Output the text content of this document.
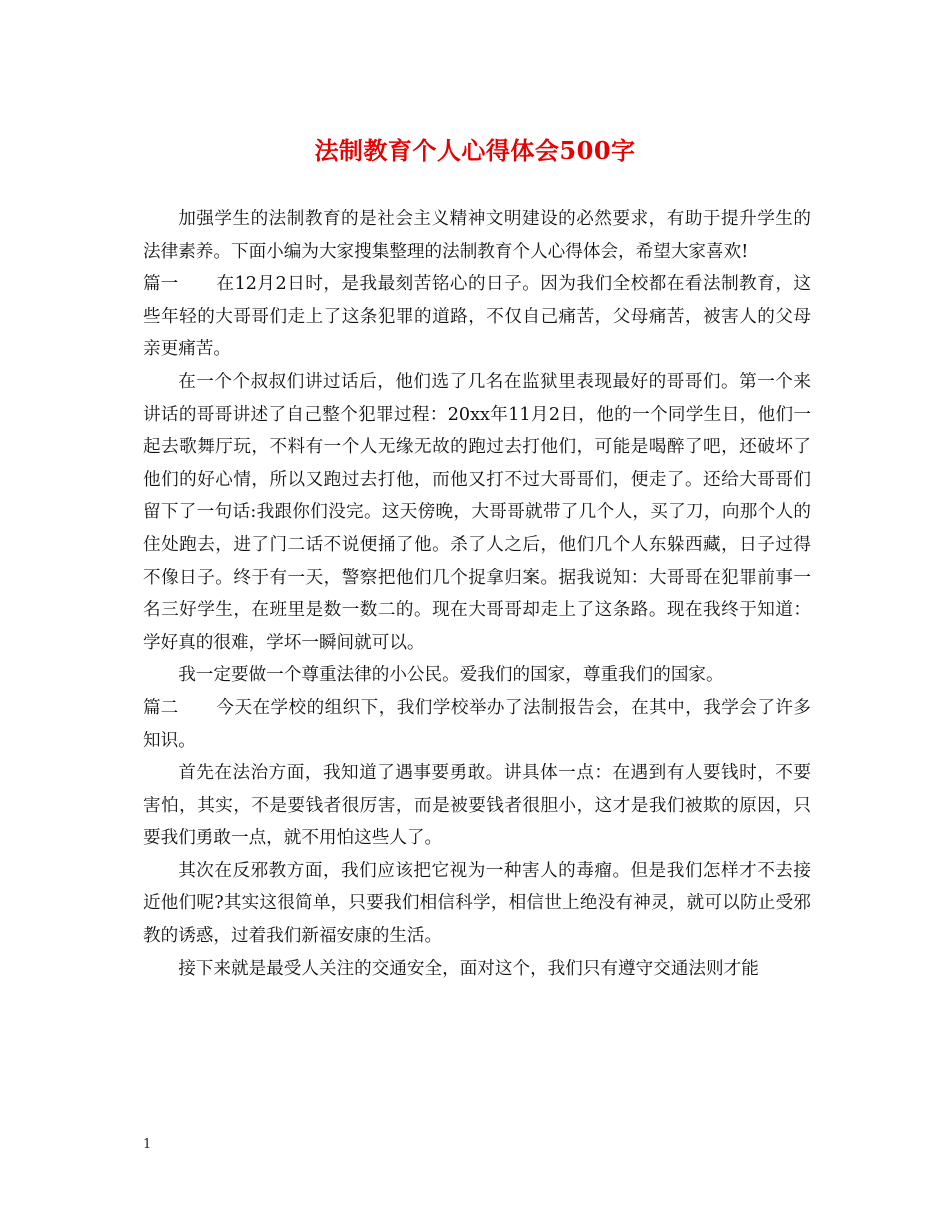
法制教育个人心得体会500字

加强学生的法制教育的是社会主义精神文明建设的必然要求，有助于提升学生的法律素养。下面小编为大家搜集整理的法制教育个人心得体会，希望大家喜欢!

篇一 在12月2日时，是我最刻苦铭心的日子。因为我们全校都在看法制教育，这些年轻的大哥哥们走上了这条犯罪的道路，不仅自己痛苦，父母痛苦，被害人的父母亲更痛苦。

在一个个叔叔们讲过话后，他们选了几名在监狱里表现最好的哥哥们。第一个来讲话的哥哥讲述了自己整个犯罪过程：20xx年11月2日，他的一个同学生日，他们一起去歌舞厅玩，不料有一个人无缘无故的跑过去打他们，可能是喝醉了吧，还破坏了他们的好心情，所以又跑过去打他，而他又打不过大哥哥们，便走了。还给大哥哥们留下了一句话:我跟你们没完。这天傍晚，大哥哥就带了几个人，买了刀，向那个人的住处跑去，进了门二话不说便捅了他。杀了人之后，他们几个人东躲西藏，日子过得不像日子。终于有一天，警察把他们几个捉拿归案。据我说知：大哥哥在犯罪前事一名三好学生，在班里是数一数二的。现在大哥哥却走上了这条路。现在我终于知道：学好真的很难，学坏一瞬间就可以。

我一定要做一个尊重法律的小公民。爱我们的国家，尊重我们的国家。

篇二 今天在学校的组织下，我们学校举办了法制报告会，在其中，我学会了许多知识。

首先在法治方面，我知道了遇事要勇敢。讲具体一点：在遇到有人要钱时，不要害怕，其实，不是要钱者很厉害，而是被要钱者很胆小，这才是我们被欺的原因，只要我们勇敢一点，就不用怕这些人了。

其次在反邪教方面，我们应该把它视为一种害人的毒瘤。但是我们怎样才不去接近他们呢?其实这很简单，只要我们相信科学，相信世上绝没有神灵，就可以防止受邪教的诱惑，过着我们新福安康的生活。

接下来就是最受人关注的交通安全，面对这个，我们只有遵守交通法则才能

1
